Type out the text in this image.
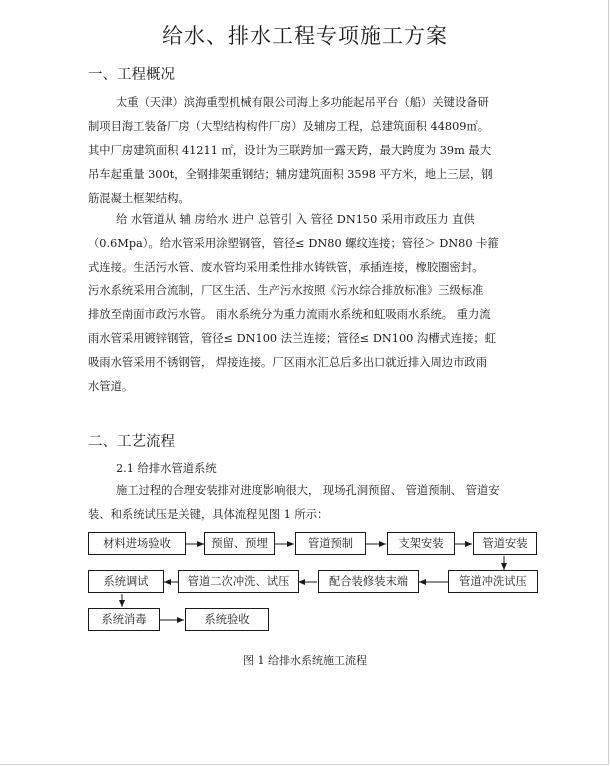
给水、排水工程专项施工方案
一、工程概况
太重（天津）滨海重型机械有限公司海上多功能起吊平台（船）关键设备研
制项目海工装备厂房（大型结构构件厂房）及辅房工程，总建筑面积 44809㎡。
其中厂房建筑面积 41211 ㎡，设计为三联跨加一露天跨，最大跨度为 39m 最大
吊车起重量 300t，全钢排架重钢结；辅房建筑面积 3598 平方米，地上三层，钢
筋混凝土框架结构。
给 水管道从 辅 房给水 进户 总管引 入 管径 DN150 采用市政压力 直供
（0.6Mpa）。给水管采用涂塑钢管，管径≤ DN80 螺纹连接；管径＞ DN80 卡箍
式连接。生活污水管、废水管均采用柔性排水铸铁管，承插连接，橡胶圈密封。
污水系统采用合流制，厂区生活、生产污水按照《污水综合排放标准》三级标准
排放至南面市政污水管。 雨水系统分为重力流雨水系统和虹吸雨水系统。 重力流
雨水管采用镀锌钢管，管径≤ DN100 法兰连接；管径≤ DN100 沟槽式连接；虹
吸雨水管采用不锈钢管， 焊接连接。厂区雨水汇总后多出口就近排入周边市政雨
水管道。
二、工艺流程
2.1 给排水管道系统
施工过程的合理安装排对进度影响很大， 现场孔洞预留、 管道预制、 管道安
装、和系统试压是关键，具体流程见图 1 所示：
材料进场验收	预留、预埋	管道预制	支架安装	管道安装
管道冲洗试压
配合装修装末端
管道二次冲洗、试压
系统调试
系统消毒	系统验收
图 1 给排水系统施工流程
